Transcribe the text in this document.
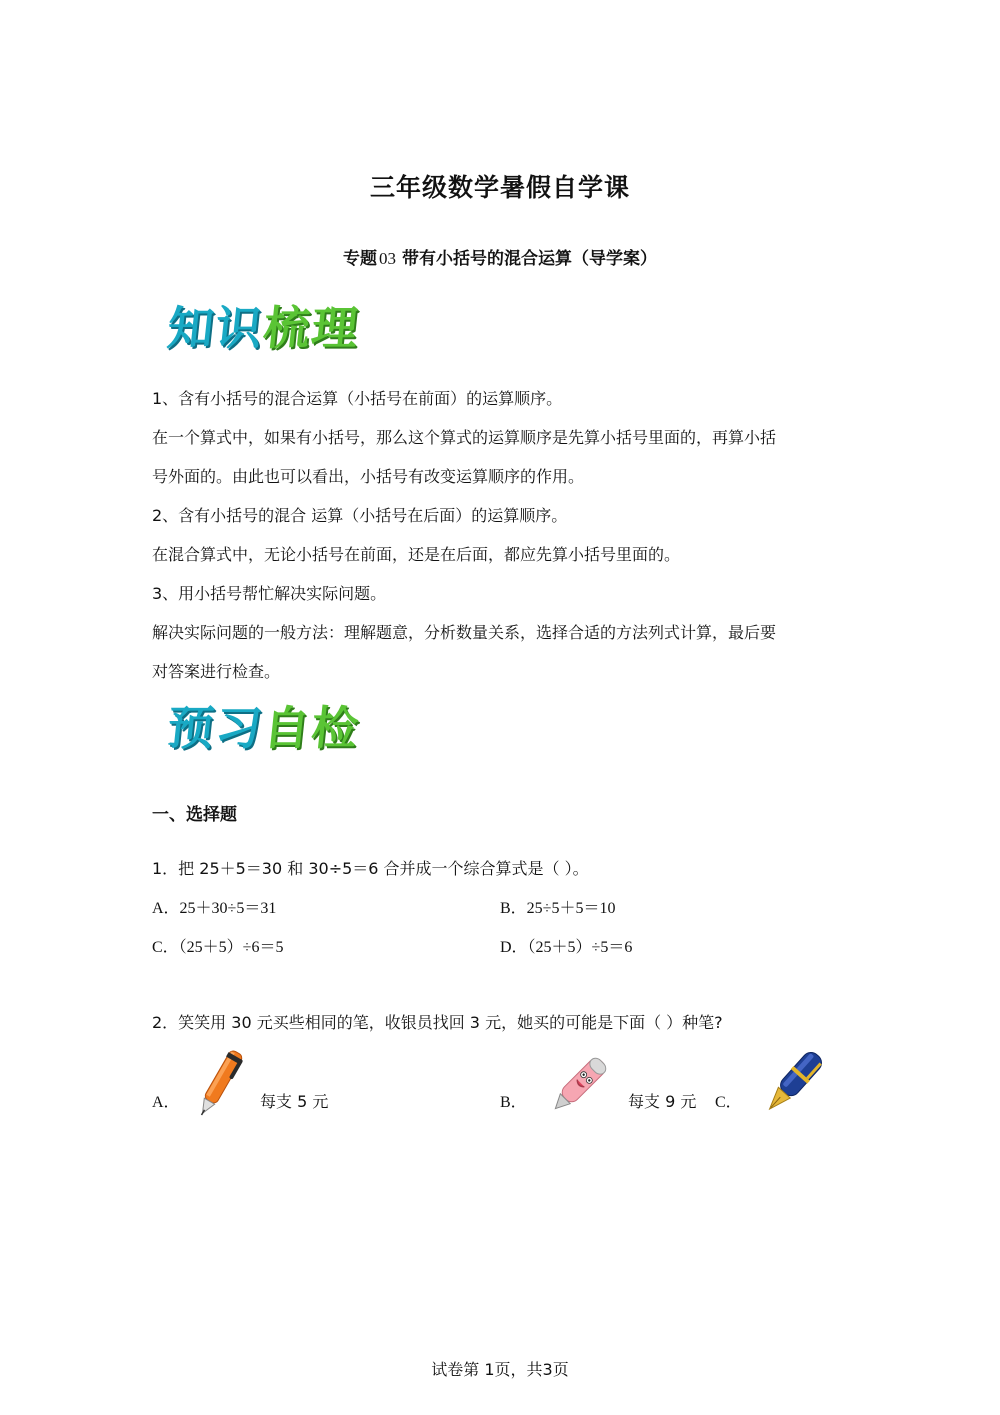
三年级数学暑假自学课
专题 03 带有小括号的混合运算（导学案）
知识梳理
1、含有小括号的混合运算（小括号在前面）的运算顺序。
在一个算式中，如果有小括号，那么这个算式的运算顺序是先算小括号里面的，再算小括
号外面的。由此也可以看出，小括号有改变运算顺序的作用。
2、含有小括号的混合 运算（小括号在后面）的运算顺序。
在混合算式中，无论小括号在前面，还是在后面，都应先算小括号里面的。
3、用小括号帮忙解决实际问题。
解决实际问题的一般方法：理解题意，分析数量关系，选择合适的方法列式计算，最后要
对答案进行检查。
预习自检
一、选择题
1．把 25＋5＝30 和 30÷5＝6 合并成一个综合算式是（ ）。
A．25＋30÷5＝31	B．25÷5＋5＝10
C．（25＋5）÷6＝5	D．（25＋5）÷5＝6
2．笑笑用 30 元买些相同的笔，收银员找回 3 元，她买的可能是下面（ ）种笔?
A．	每支 5 元	B．	每支 9 元 C．
试卷第 1页，共3页
